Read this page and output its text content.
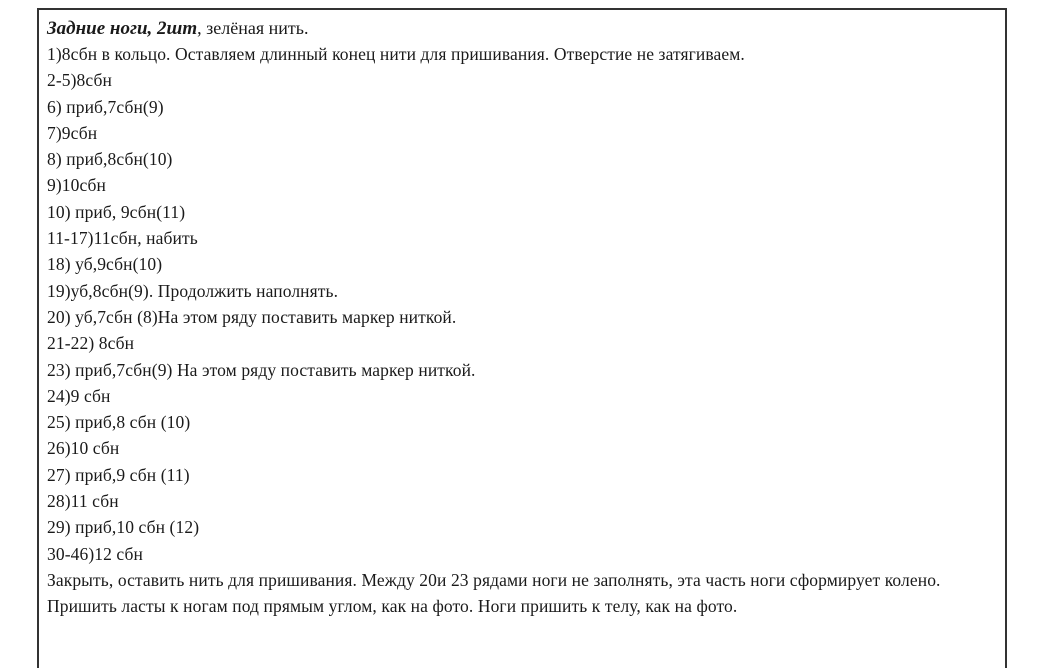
Задние ноги, 2шт, зелёная нить.

1)8сбн в кольцо. Оставляем длинный конец нити для пришивания. Отверстие не затягиваем.
2-5)8сбн
6) приб,7сбн(9)
7)9сбн
8) приб,8сбн(10)
9)10сбн
10) приб, 9сбн(11)
11-17)11сбн, набить
18) уб,9сбн(10)
19)уб,8сбн(9). Продолжить наполнять.
20) уб,7сбн (8)На этом ряду поставить маркер ниткой.
21-22) 8сбн
23) приб,7сбн(9) На этом ряду поставить маркер ниткой.
24)9 сбн
25) приб,8 сбн (10)
26)10 сбн
27) приб,9 сбн (11)
28)11 сбн
29) приб,10 сбн (12)
30-46)12 сбн

Закрыть, оставить нить для пришивания. Между 20и 23 рядами ноги не заполнять, эта часть ноги сформирует колено. Пришить ласты к ногам под прямым углом, как на фото. Ноги пришить к телу, как на фото.
